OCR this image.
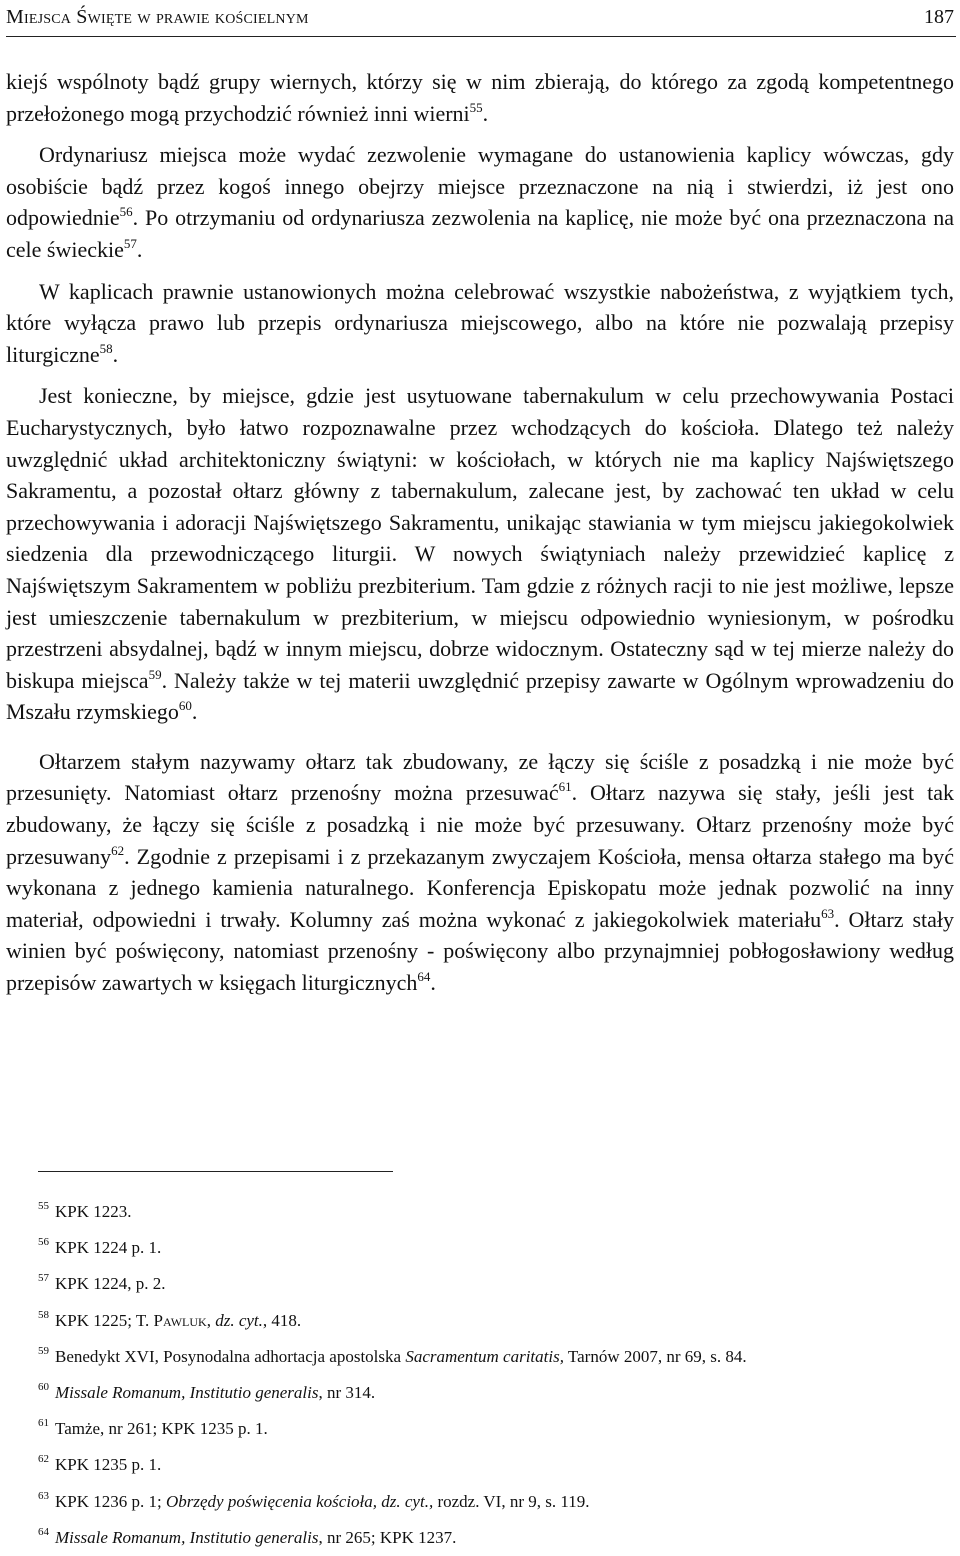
Miejsca Święte w prawie kościelnym	187

kiejś wspólnoty bądź grupy wiernych, którzy się w nim zbierają, do którego za zgodą kompetentnego przełożonego mogą przychodzić również inni wierni$^{55}$.

Ordynariusz miejsca może wydać zezwolenie wymagane do ustanowienia kaplicy wówczas, gdy osobiście bądź przez kogoś innego obejrzy miejsce przeznaczone na nią i stwierdzi, iż jest ono odpowiednie$^{56}$. Po otrzymaniu od ordynariusza zezwolenia na kaplicę, nie może być ona przeznaczona na cele świeckie$^{57}$.

W kaplicach prawnie ustanowionych można celebrować wszystkie nabożeństwa, z wyjątkiem tych, które wyłącza prawo lub przepis ordynariusza miejscowego, albo na które nie pozwalają przepisy liturgiczne$^{58}$.

Jest konieczne, by miejsce, gdzie jest usytuowane tabernakulum w celu przechowywania Postaci Eucharystycznych, było łatwo rozpoznawalne przez wchodzących do kościoła. Dlatego też należy uwzględnić układ architektoniczny świątyni: w kościołach, w których nie ma kaplicy Najświętszego Sakramentu, a pozostał ołtarz główny z tabernakulum, zalecane jest, by zachować ten układ w celu przechowywania i adoracji Najświętszego Sakramentu, unikając stawiania w tym miejscu jakiegokolwiek siedzenia dla przewodniczącego liturgii. W nowych świątyniach należy przewidzieć kaplicę z Najświętszym Sakramentem w pobliżu prezbiterium. Tam gdzie z różnych racji to nie jest możliwe, lepsze jest umieszczenie tabernakulum w prezbiterium, w miejscu odpowiednio wyniesionym, w pośrodku przestrzeni absydalnej, bądź w innym miejscu, dobrze widocznym. Ostateczny sąd w tej mierze należy do biskupa miejsca$^{59}$. Należy także w tej materii uwzględnić przepisy zawarte w Ogólnym wprowadzeniu do Mszału rzymskiego$^{60}$.

Ołtarzem stałym nazywamy ołtarz tak zbudowany, ze łączy się ściśle z posadzką i nie może być przesunięty. Natomiast ołtarz przenośny można przesuwać$^{61}$. Ołtarz nazywa się stały, jeśli jest tak zbudowany, że łączy się ściśle z posadzką i nie może być przesuwany. Ołtarz przenośny może być przesuwany$^{62}$. Zgodnie z przepisami i z przekazanym zwyczajem Kościoła, mensa ołtarza stałego ma być wykonana z jednego kamienia naturalnego. Konferencja Episkopatu może jednak pozwolić na inny materiał, odpowiedni i trwały. Kolumny zaś można wykonać z jakiegokolwiek materiału$^{63}$. Ołtarz stały winien być poświęcony, natomiast przenośny - poświęcony albo przynajmniej pobłogosławiony według przepisów zawartych w księgach liturgicznych$^{64}$.

$^{55}$ KPK 1223.
$^{56}$ KPK 1224 p. 1.
$^{57}$ KPK 1224, p. 2.
$^{58}$ KPK 1225; T. Pawluk, dz. cyt., 418.
$^{59}$ Benedykt XVI, Posynodalna adhortacja apostolska Sacramentum caritatis, Tarnów 2007, nr 69, s. 84.
$^{60}$ Missale Romanum, Institutio generalis, nr 314.
$^{61}$ Tamże, nr 261; KPK 1235 p. 1.
$^{62}$ KPK 1235 p. 1.
$^{63}$ KPK 1236 p. 1; Obrzędy poświęcenia kościoła, dz. cyt., rozdz. VI, nr 9, s. 119.
$^{64}$ Missale Romanum, Institutio generalis, nr 265; KPK 1237.
